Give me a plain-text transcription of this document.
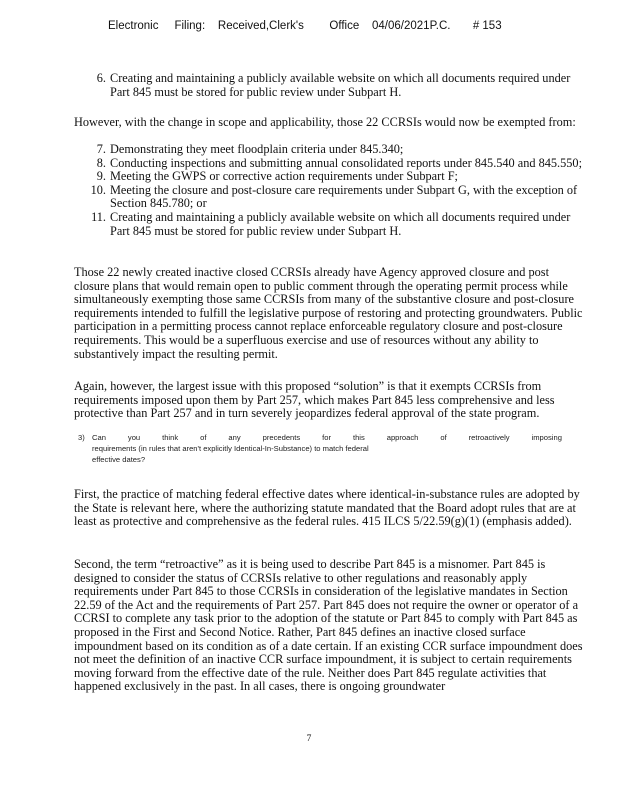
Electronic     Filing:    Received,Clerk's        Office    04/06/2021P.C.       # 153
6. Creating and maintaining a publicly available website on which all documents required under Part 845 must be stored for public review under Subpart H.
However, with the change in scope and applicability, those 22 CCRSIs would now be exempted from:
7. Demonstrating they meet floodplain criteria under 845.340;
8. Conducting inspections and submitting annual consolidated reports under 845.540 and 845.550;
9. Meeting the GWPS or corrective action requirements under Subpart F;
10. Meeting the closure and post-closure care requirements under Subpart G, with the exception of Section 845.780; or
11. Creating and maintaining a publicly available website on which all documents required under Part 845 must be stored for public review under Subpart H.
Those 22 newly created inactive closed CCRSIs already have Agency approved closure and post closure plans that would remain open to public comment through the operating permit process while simultaneously exempting those same CCRSIs from many of the substantive closure and post-closure requirements intended to fulfill the legislative purpose of restoring and protecting groundwaters. Public participation in a permitting process cannot replace enforceable regulatory closure and post-closure requirements. This would be a superfluous exercise and use of resources without any ability to substantively impact the resulting permit.
Again, however, the largest issue with this proposed “solution” is that it exempts CCRSIs from requirements imposed upon them by Part 257, which makes Part 845 less comprehensive and less protective than Part 257 and in turn severely jeopardizes federal approval of the state program.
3) Can	you	think	of	any	precedents	for	this	approach	of	retroactively	imposing
requirements (in rules that aren't explicitly Identical-In-Substance) to match federal
effective dates?
First, the practice of matching federal effective dates where identical-in-substance rules are adopted by the State is relevant here, where the authorizing statute mandated that the Board adopt rules that are at least as protective and comprehensive as the federal rules. 415 ILCS 5/22.59(g)(1) (emphasis added).
Second, the term “retroactive” as it is being used to describe Part 845 is a misnomer. Part 845 is designed to consider the status of CCRSIs relative to other regulations and reasonably apply requirements under Part 845 to those CCRSIs in consideration of the legislative mandates in Section 22.59 of the Act and the requirements of Part 257. Part 845 does not require the owner or operator of a CCRSI to complete any task prior to the adoption of the statute or Part 845 to comply with Part 845 as proposed in the First and Second Notice. Rather, Part 845 defines an inactive closed surface impoundment based on its condition as of a date certain. If an existing CCR surface impoundment does not meet the definition of an inactive CCR surface impoundment, it is subject to certain requirements moving forward from the effective date of the rule. Neither does Part 845 regulate activities that happened exclusively in the past. In all cases, there is ongoing groundwater
7
